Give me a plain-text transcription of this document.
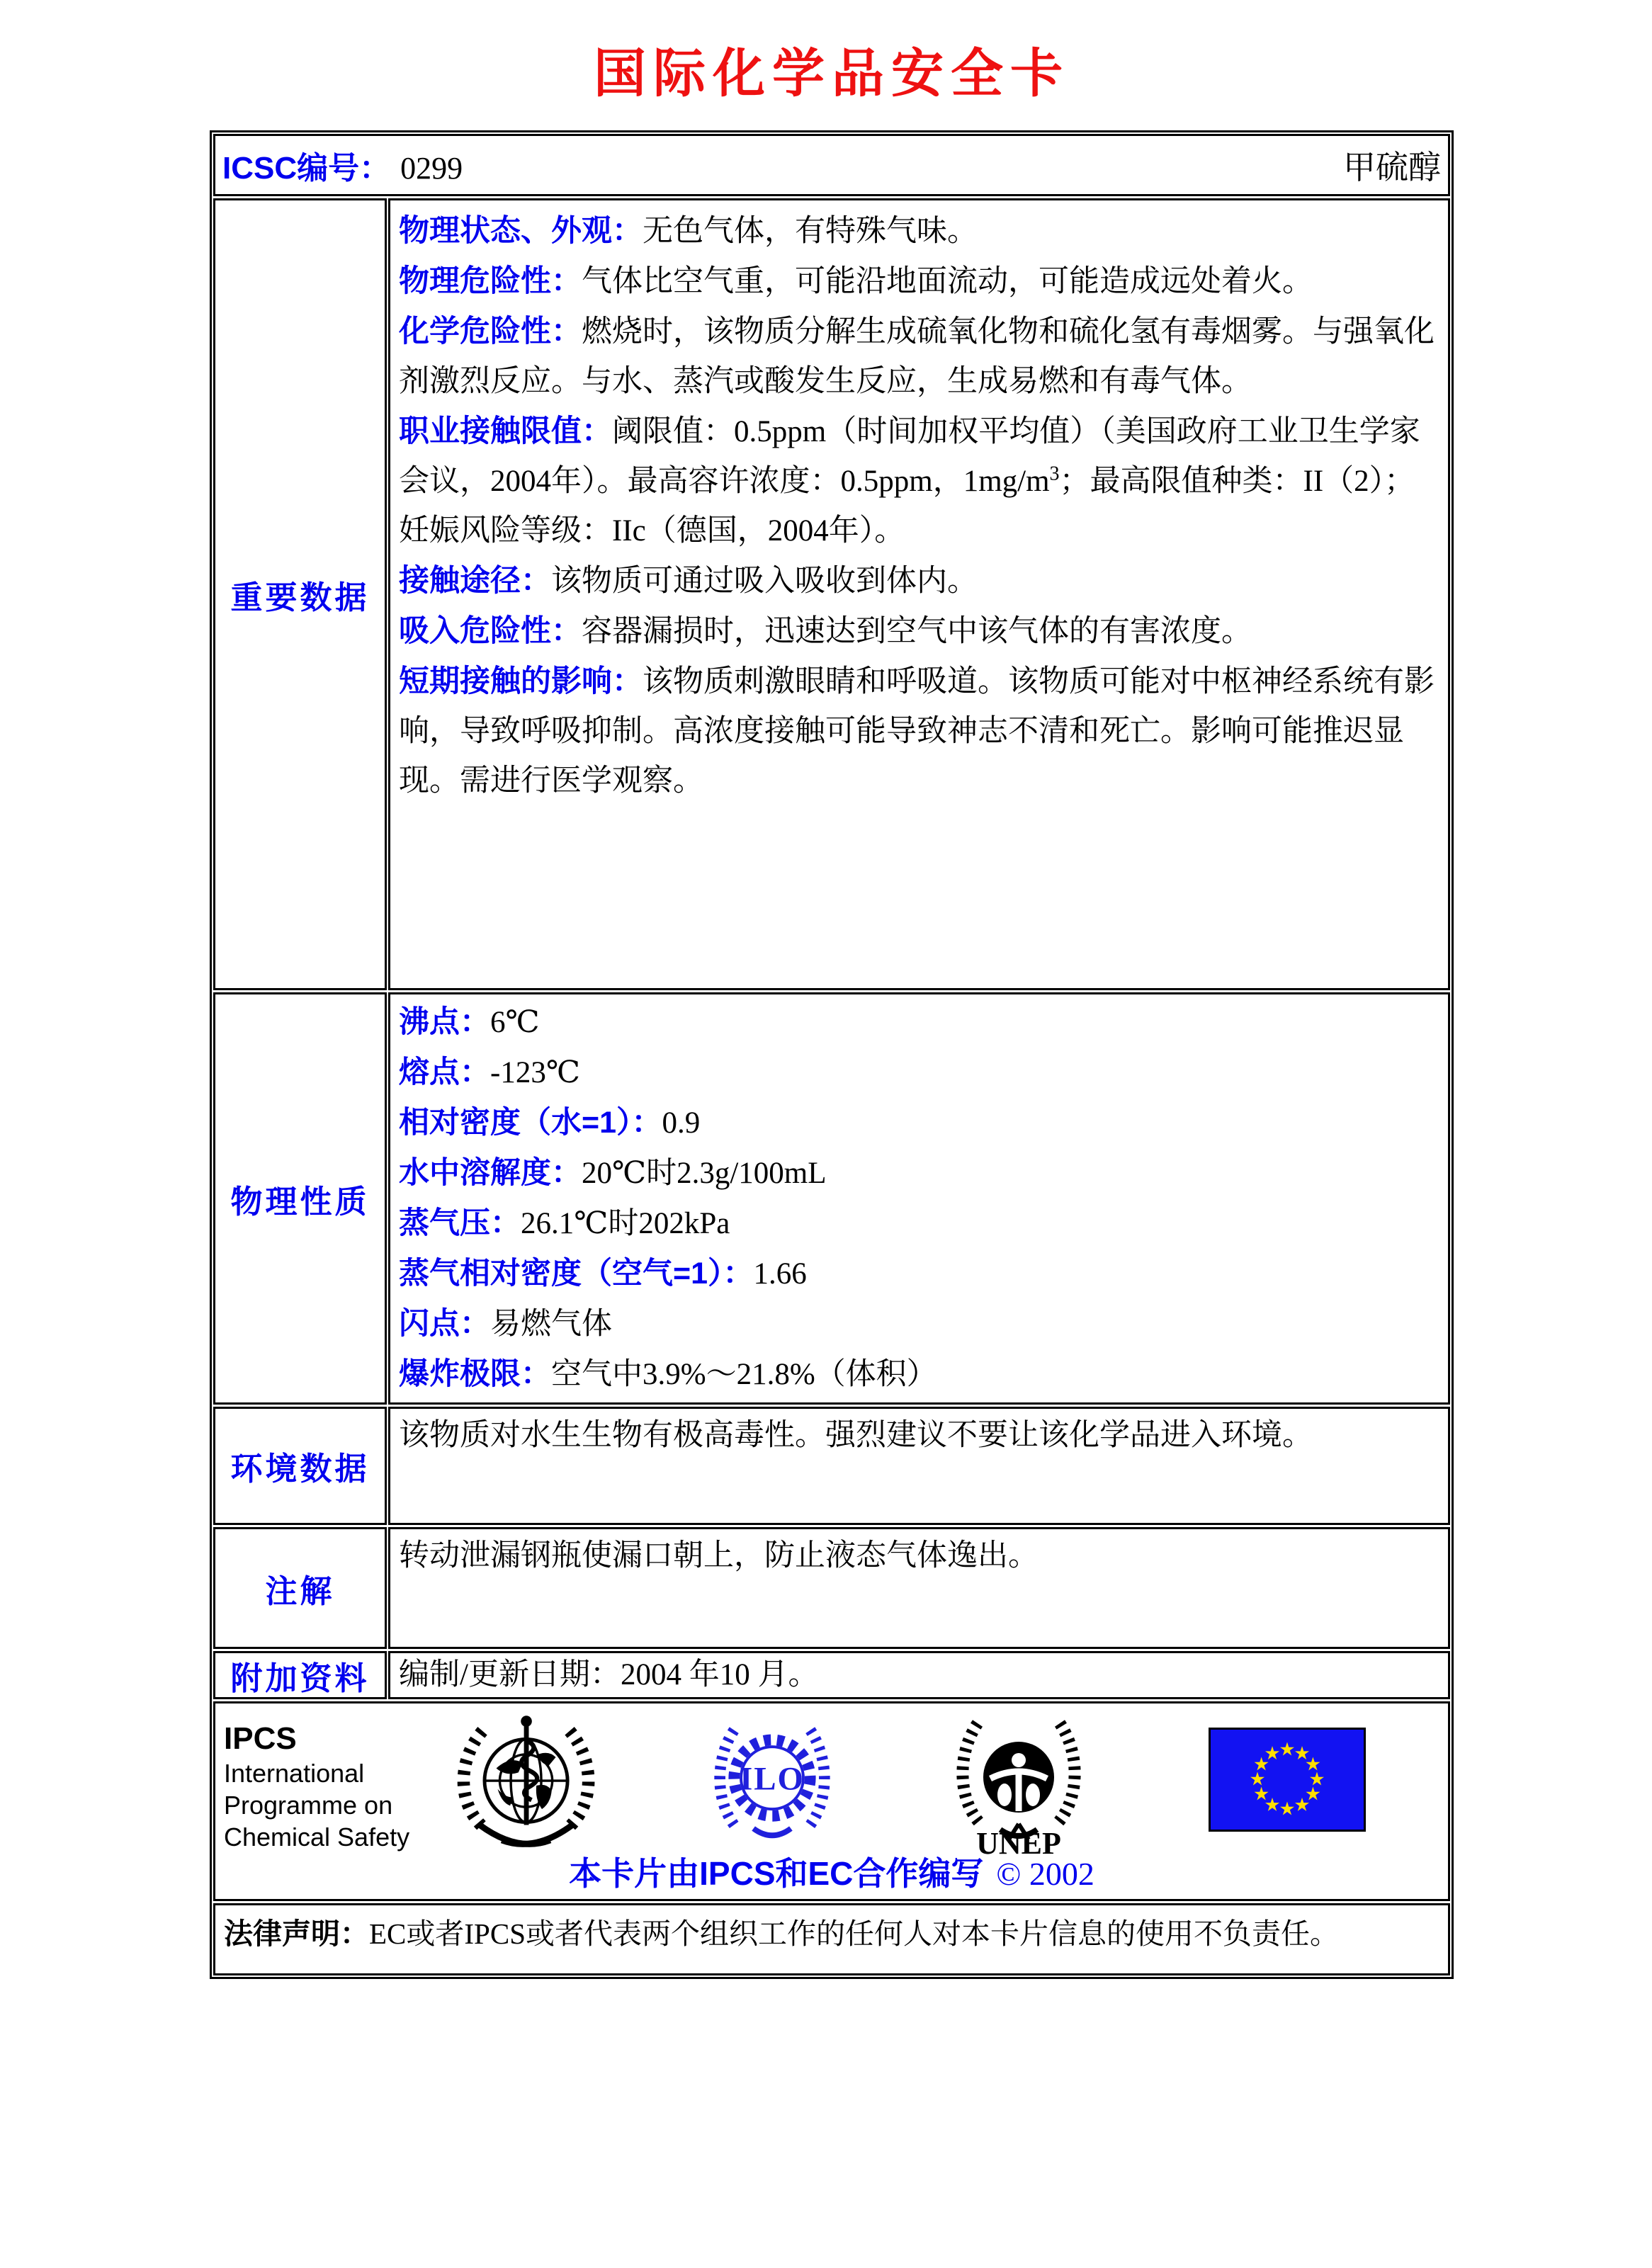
国际化学品安全卡
ICSC编号： 0299	甲硫醇
重要数据
物理状态、外观：无色气体，有特殊气味。
物理危险性：气体比空气重，可能沿地面流动，可能造成远处着火。
化学危险性：燃烧时，该物质分解生成硫氧化物和硫化氢有毒烟雾。与强氧化剂激烈反应。与水、蒸汽或酸发生反应，生成易燃和有毒气体。
职业接触限值：阈限值：0.5ppm（时间加权平均值）（美国政府工业卫生学家会议，2004年）。最高容许浓度：0.5ppm，$1mg/m^3$；最高限值种类：II（2）；妊娠风险等级：IIc（德国，2004年）。
接触途径：该物质可通过吸入吸收到体内。
吸入危险性：容器漏损时，迅速达到空气中该气体的有害浓度。
短期接触的影响：该物质刺激眼睛和呼吸道。该物质可能对中枢神经系统有影响，导致呼吸抑制。高浓度接触可能导致神志不清和死亡。影响可能推迟显现。需进行医学观察。
物理性质
沸点：6℃
熔点：-123℃
相对密度（水=1）：0.9
水中溶解度：20℃时2.3g/100mL
蒸气压：26.1℃时202kPa
蒸气相对密度（空气=1）：1.66
闪点：易燃气体
爆炸极限：空气中3.9%～21.8%（体积）
环境数据
该物质对水生生物有极高毒性。强烈建议不要让该化学品进入环境。
注解
转动泄漏钢瓶使漏口朝上，防止液态气体逸出。
附加资料 编制/更新日期：2004 年10 月。
IPCS
International
Programme on
Chemical Safety
ILO
UNEP
本卡片由IPCS和EC合作编写 © 2002
法律声明：EC或者IPCS或者代表两个组织工作的任何人对本卡片信息的使用不负责任。
